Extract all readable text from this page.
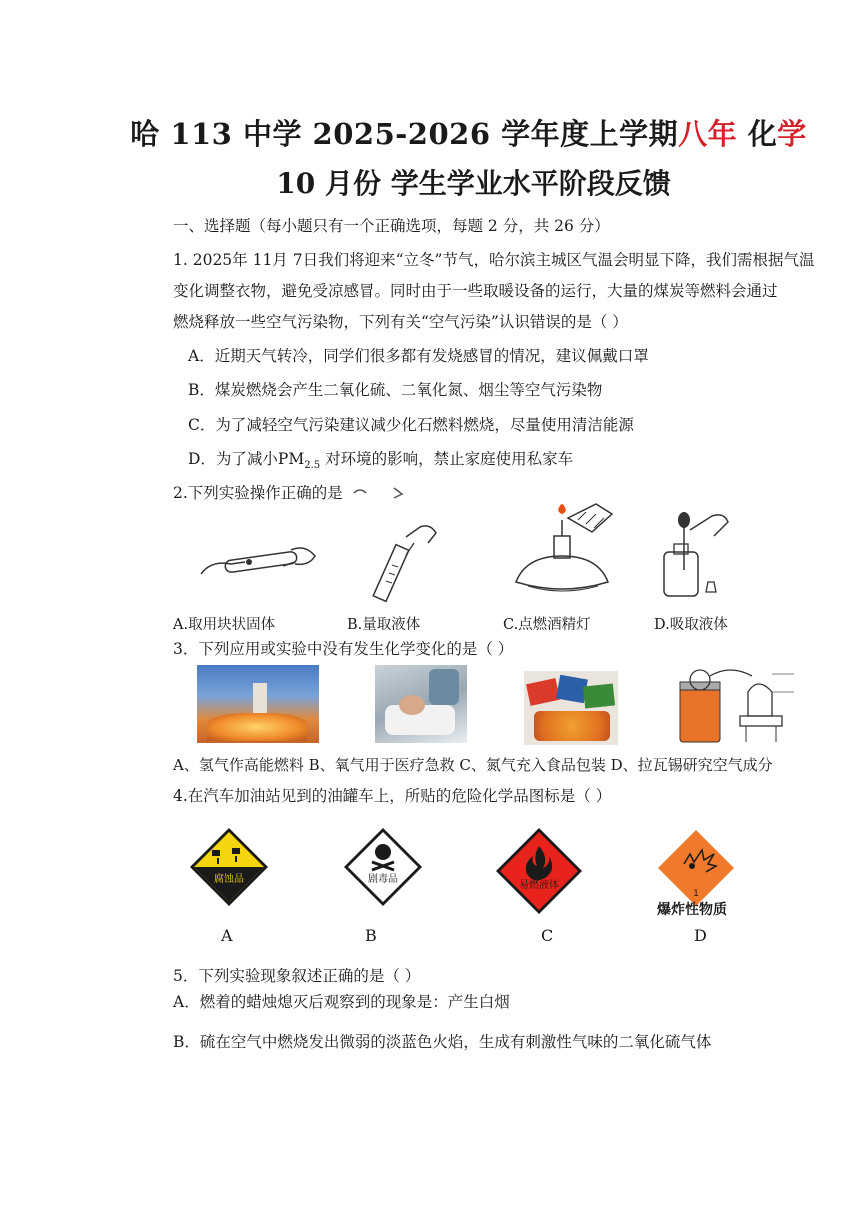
哈 113 中学 2025-2026 学年度上学期八年 化学
10 月份 学生学业水平阶段反馈
一、选择题（每小题只有一个正确选项，每题 2 分，共 26 分）
1. 2025年 11月 7日我们将迎来“立冬”节气，哈尔滨主城区气温会明显下降，我们需根据气温
变化调整衣物，避免受凉感冒。同时由于一些取暖设备的运行，大量的煤炭等燃料会通过
燃烧释放一些空气污染物，下列有关“空气污染”认识错误的是（ ）
A．近期天气转冷，同学们很多都有发烧感冒的情况，建议佩戴口罩
B．煤炭燃烧会产生二氧化硫、二氧化氮、烟尘等空气污染物
C．为了减轻空气污染建议减少化石燃料燃烧，尽量使用清洁能源
D．为了减小$PM_{2.5}$ 对环境的影响，禁止家庭使用私家车
2.下列实验操作正确的是
A.取用块状固体	B.量取液体	C.点燃酒精灯	D.吸取液体
3．下列应用或实验中没有发生化学变化的是（ ）
A、氢气作高能燃料 B、氧气用于医疗急救 C、氮气充入食品包装 D、拉瓦锡研究空气成分
4.在汽车加油站见到的油罐车上，所贴的危险化学品图标是（ ）
腐蚀品	剧毒品
易燃液体
1
爆炸性物质
A	B	C	D
5．下列实验现象叙述正确的是（ ）
A．燃着的蜡烛熄灭后观察到的现象是：产生白烟
B．硫在空气中燃烧发出微弱的淡蓝色火焰，生成有刺激性气味的二氧化硫气体
